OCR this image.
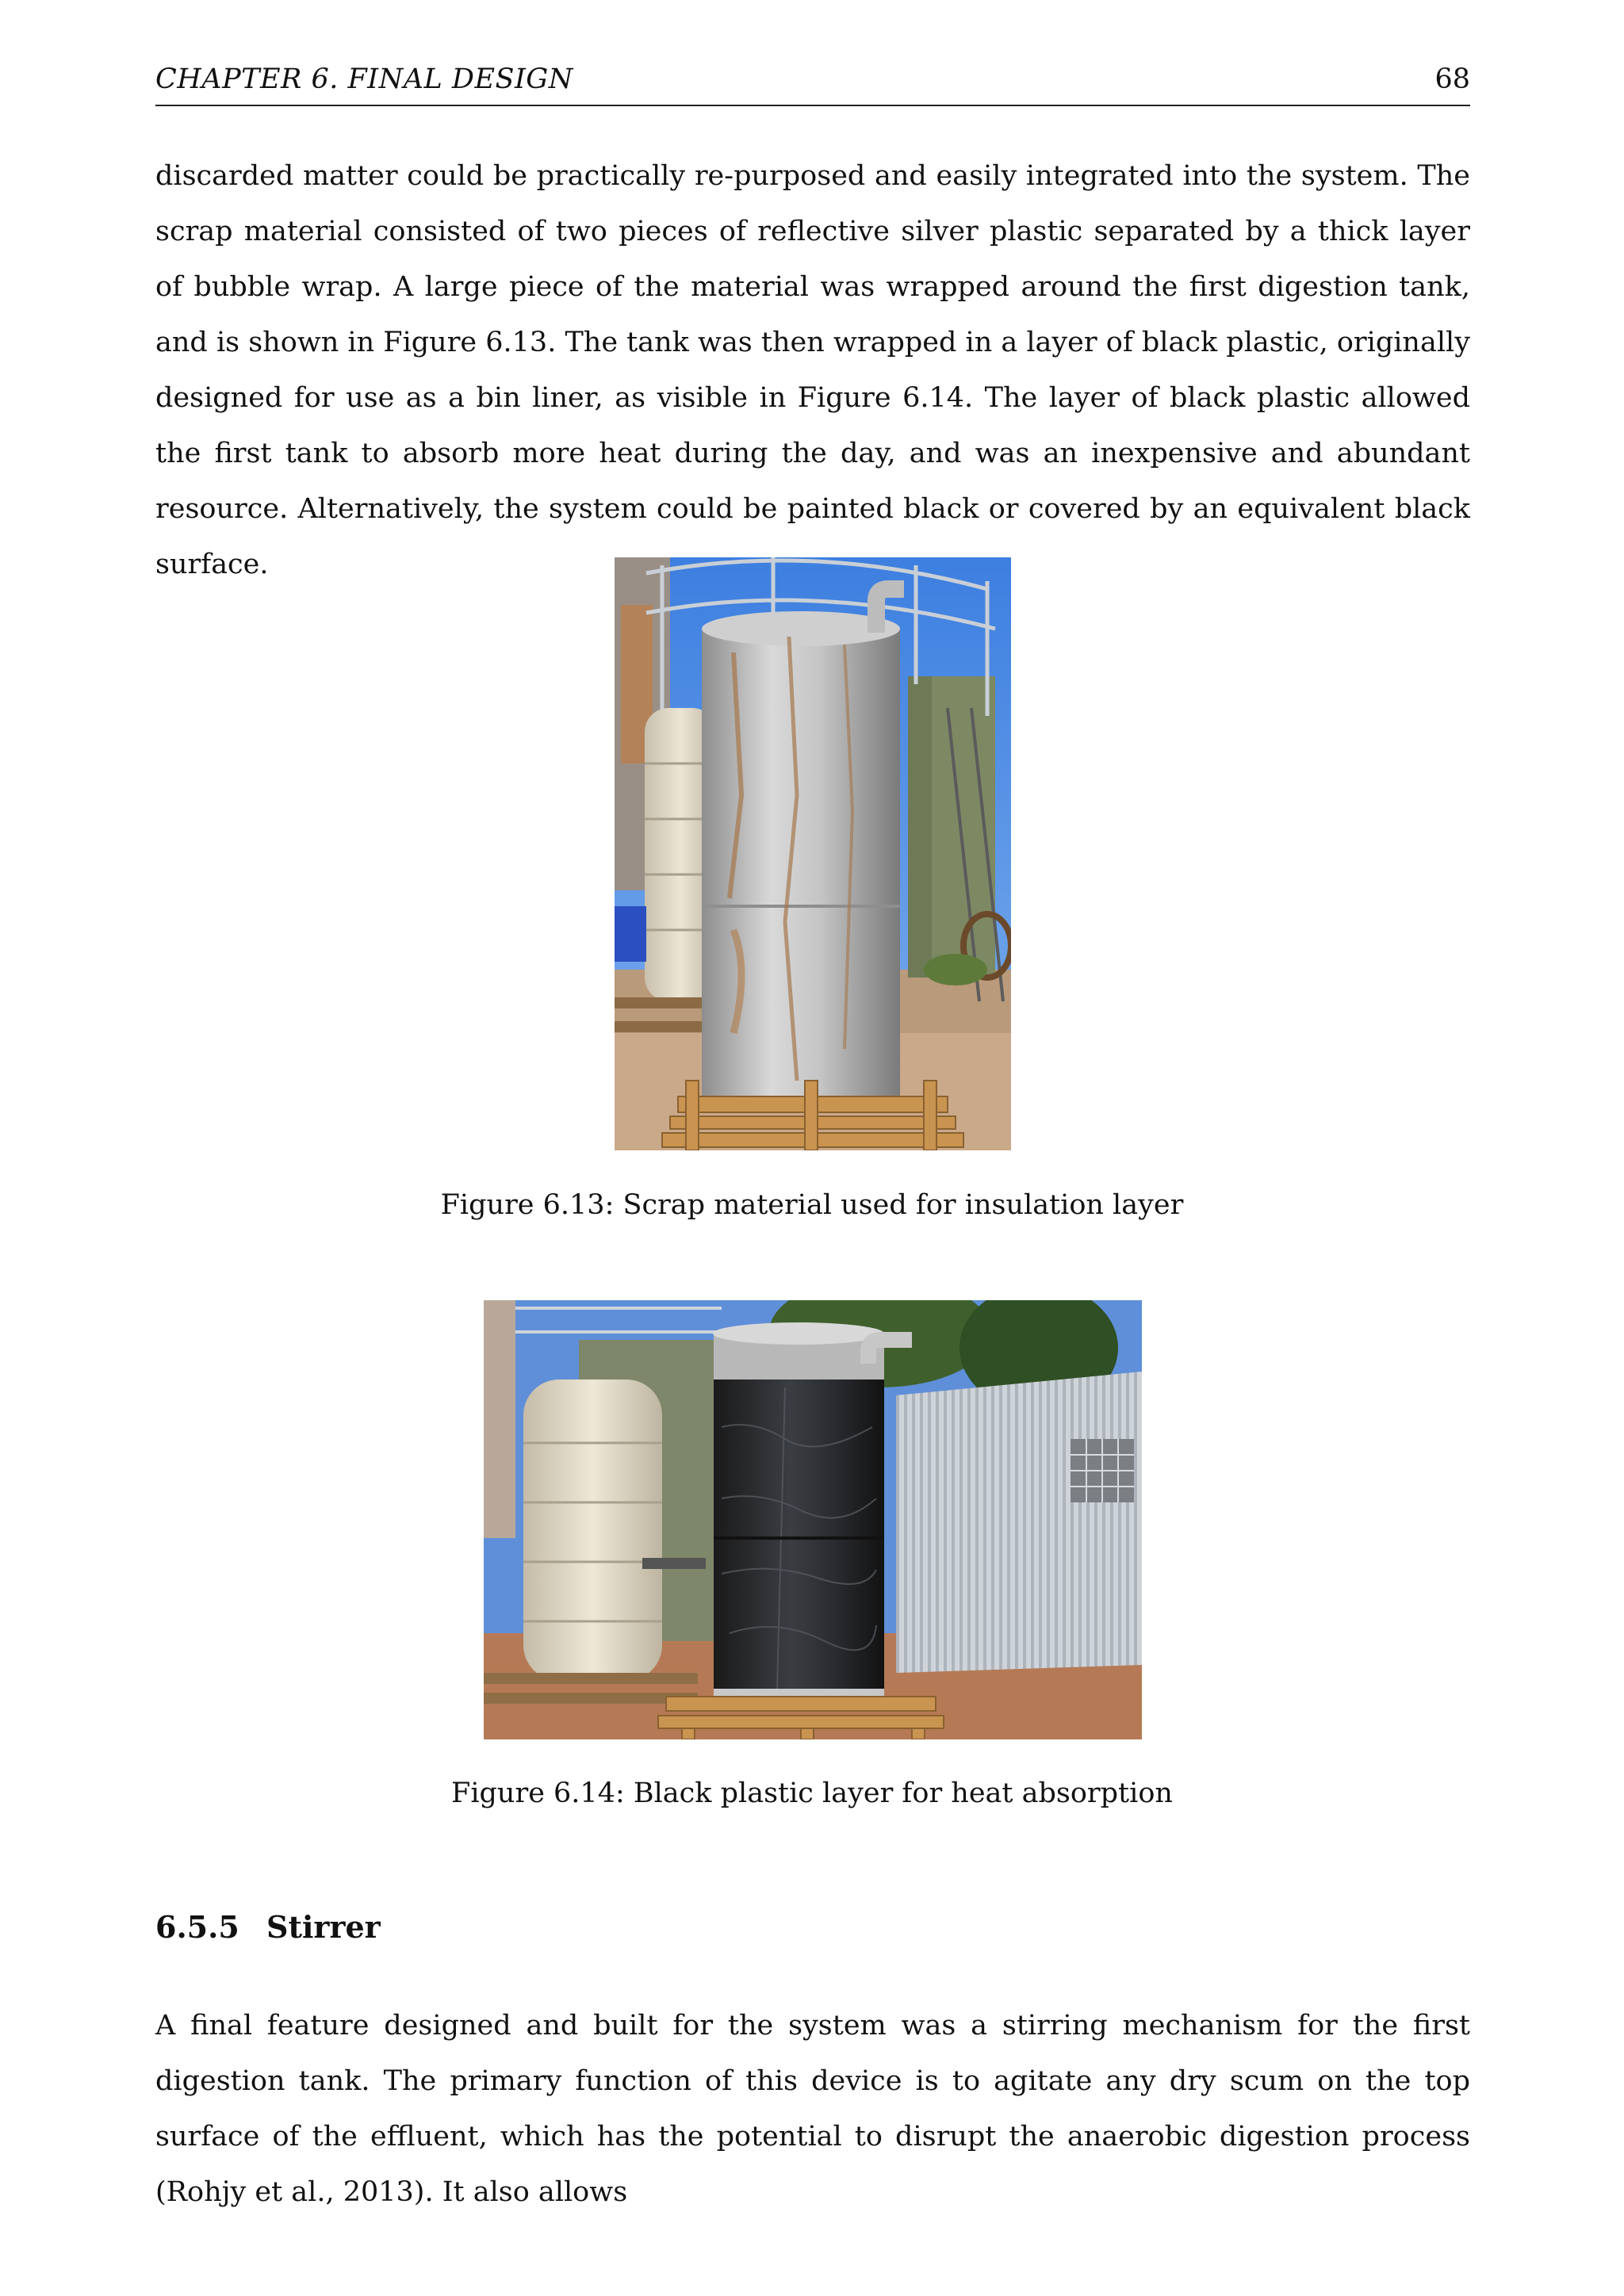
CHAPTER 6. FINAL DESIGN	68

discarded matter could be practically re-purposed and easily integrated into the system. The scrap material consisted of two pieces of reflective silver plastic separated by a thick layer of bubble wrap. A large piece of the material was wrapped around the first digestion tank, and is shown in Figure 6.13. The tank was then wrapped in a layer of black plastic, originally designed for use as a bin liner, as visible in Figure 6.14. The layer of black plastic allowed the first tank to absorb more heat during the day, and was an inexpensive and abundant resource. Alternatively, the system could be painted black or covered by an equivalent black surface.

Figure 6.13: Scrap material used for insulation layer
Figure 6.14: Black plastic layer for heat absorption
6.5.5 Stirrer

A final feature designed and built for the system was a stirring mechanism for the first digestion tank. The primary function of this device is to agitate any dry scum on the top surface of the effluent, which has the potential to disrupt the anaerobic digestion process (Rohjy et al., 2013). It also allows
